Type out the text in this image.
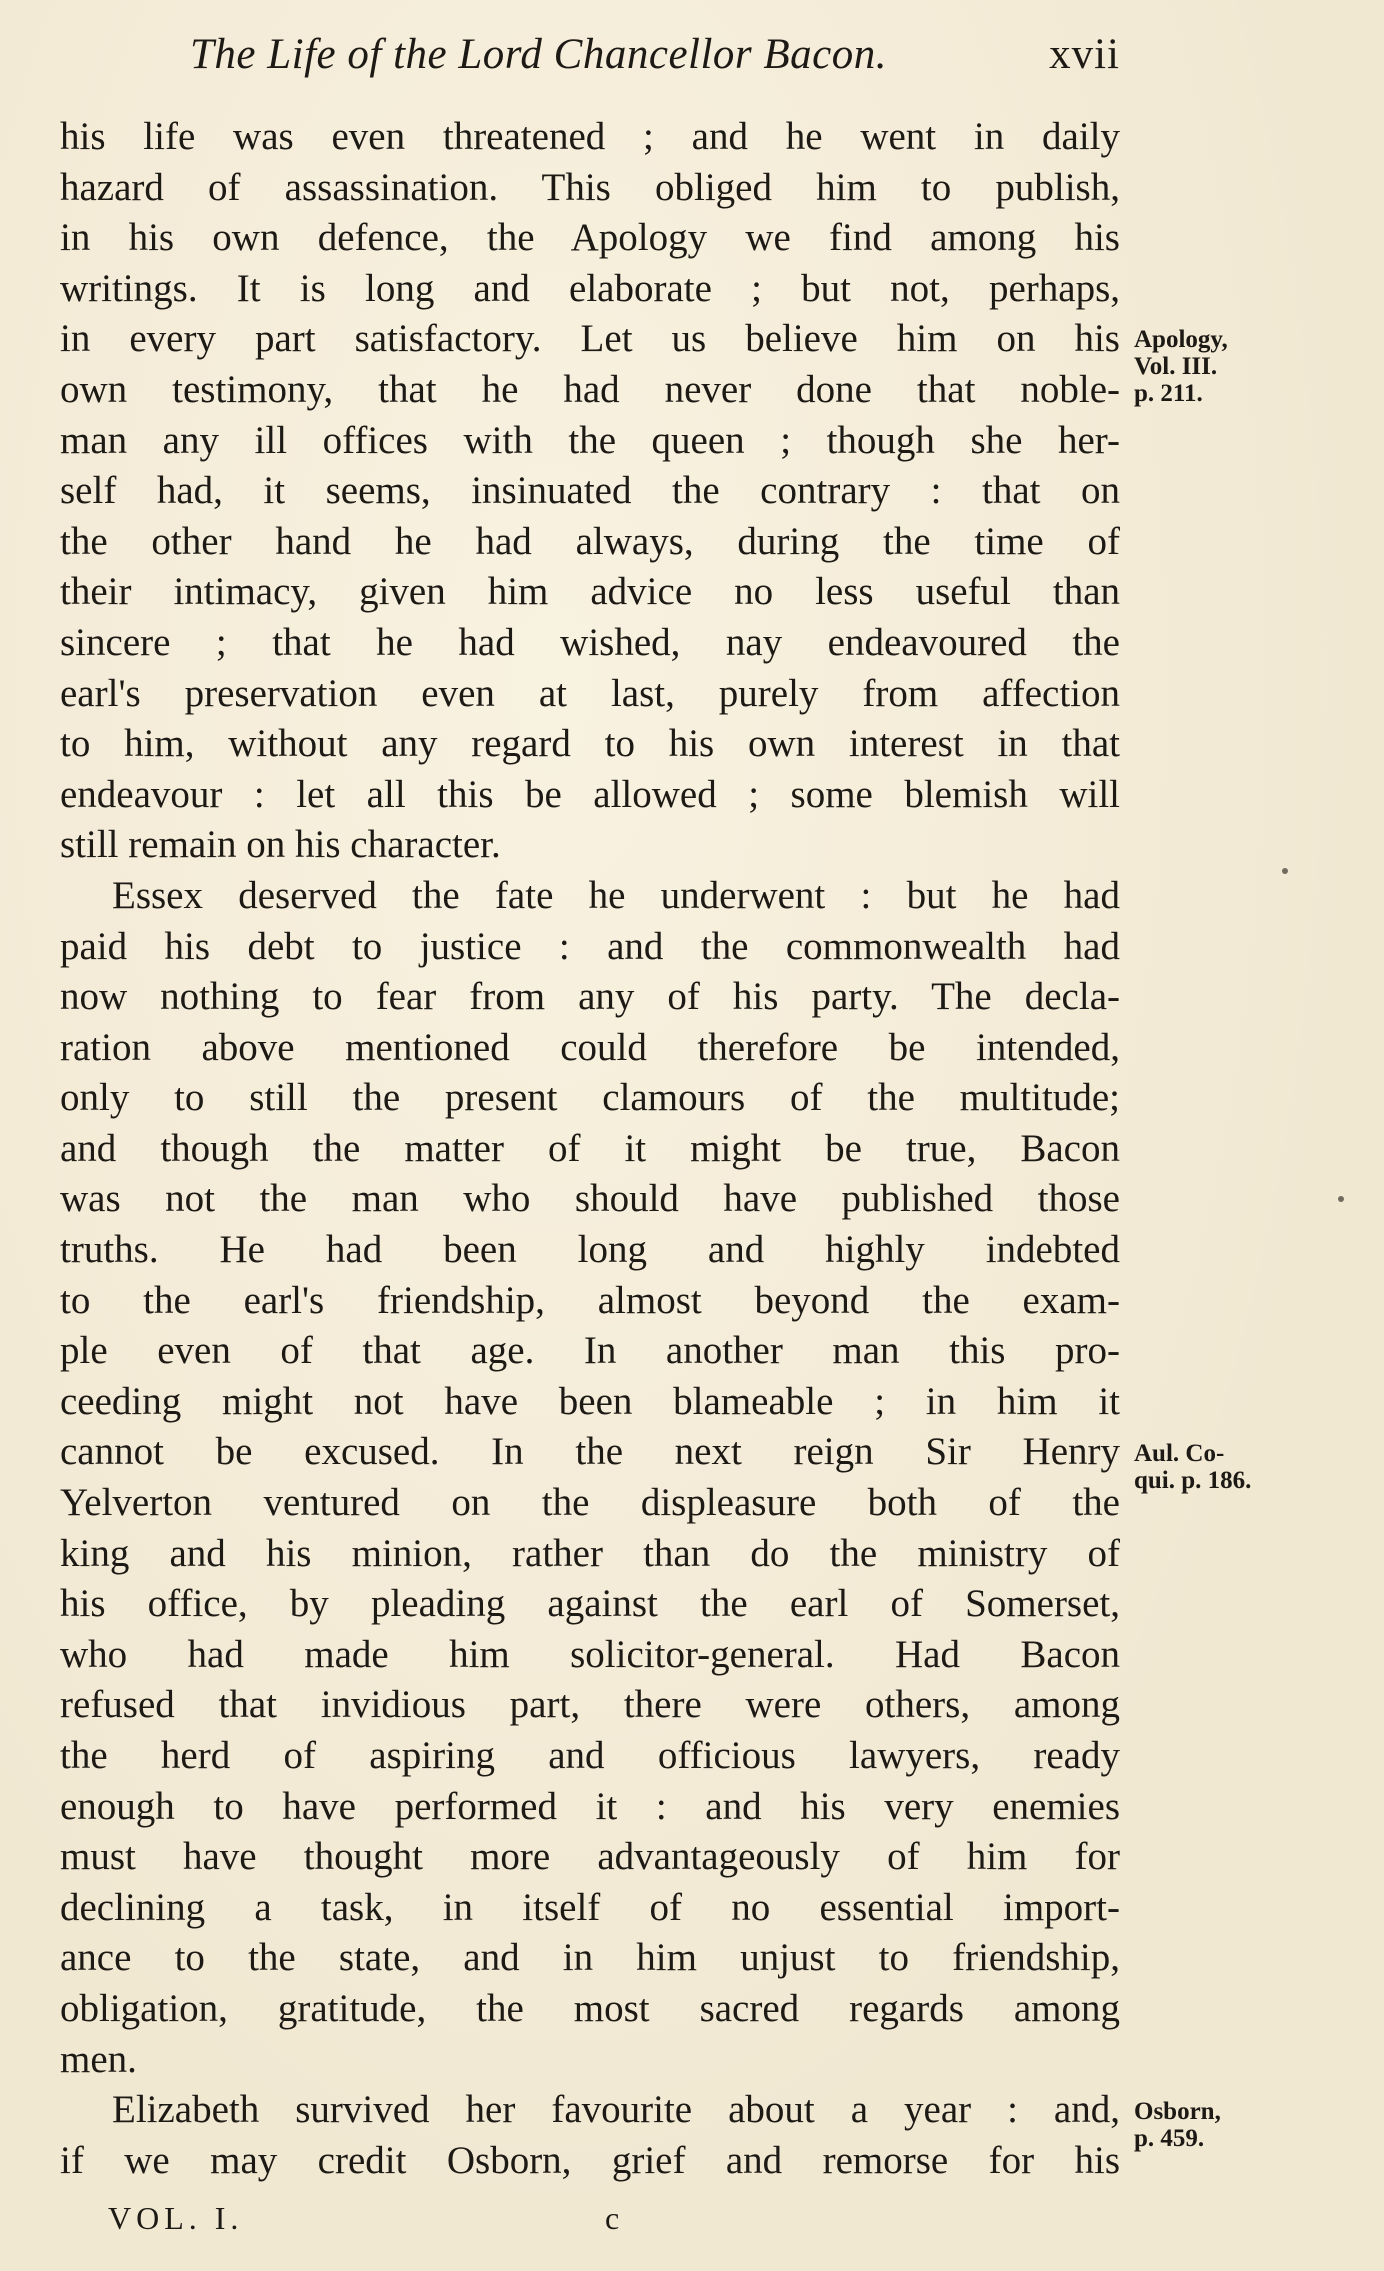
The Life of the Lord Chancellor Bacon.	xvii
his life was even threatened ; and he went in daily
hazard of assassination. This obliged him to publish,
in his own defence, the Apology we find among his
writings. It is long and elaborate ; but not, perhaps,
in every part satisfactory. Let us believe him on his
own testimony, that he had never done that noble-
man any ill offices with the queen ; though she her-
self had, it seems, insinuated the contrary : that on
the other hand he had always, during the time of
their intimacy, given him advice no less useful than
sincere ; that he had wished, nay endeavoured the
earl's preservation even at last, purely from affection
to him, without any regard to his own interest in that
endeavour : let all this be allowed ; some blemish will
still remain on his character.
Essex deserved the fate he underwent : but he had
paid his debt to justice : and the commonwealth had
now nothing to fear from any of his party. The decla-
ration above mentioned could therefore be intended,
only to still the present clamours of the multitude;
and though the matter of it might be true, Bacon
was not the man who should have published those
truths. He had been long and highly indebted
to the earl's friendship, almost beyond the exam-
ple even of that age. In another man this pro-
ceeding might not have been blameable ; in him it
cannot be excused. In the next reign Sir Henry
Yelverton ventured on the displeasure both of the
king and his minion, rather than do the ministry of
his office, by pleading against the earl of Somerset,
who had made him solicitor-general. Had Bacon
refused that invidious part, there were others, among
the herd of aspiring and officious lawyers, ready
enough to have performed it : and his very enemies
must have thought more advantageously of him for
declining a task, in itself of no essential import-
ance to the state, and in him unjust to friendship,
obligation, gratitude, the most sacred regards among
men.
Elizabeth survived her favourite about a year : and,
if we may credit Osborn, grief and remorse for his
Apology,
Vol. III.
p. 211.
Aul. Co-
qui. p. 186.
Osborn,
p. 459.
VOL. I.	c
